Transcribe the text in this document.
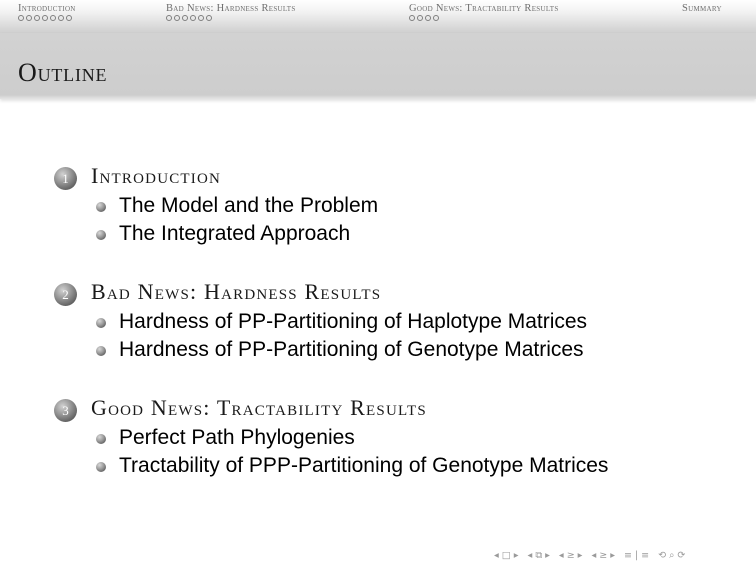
Introduction	Bad News: Hardness Results	Good News: Tractability Results	Summary
Outline
1	Introduction
The Model and the Problem
The Integrated Approach
2	Bad News: Hardness Results
Hardness of PP-Partitioning of Haplotype Matrices
Hardness of PP-Partitioning of Genotype Matrices
3	Good News: Tractability Results
Perfect Path Phylogenies
Tractability of PPP-Partitioning of Genotype Matrices
◂ □ ▸ ◂ ⧉ ▸ ◂ ≥ ▸ ◂ ≥ ▸ ≡ | ≡ ⟲ ⌕ ⟳
